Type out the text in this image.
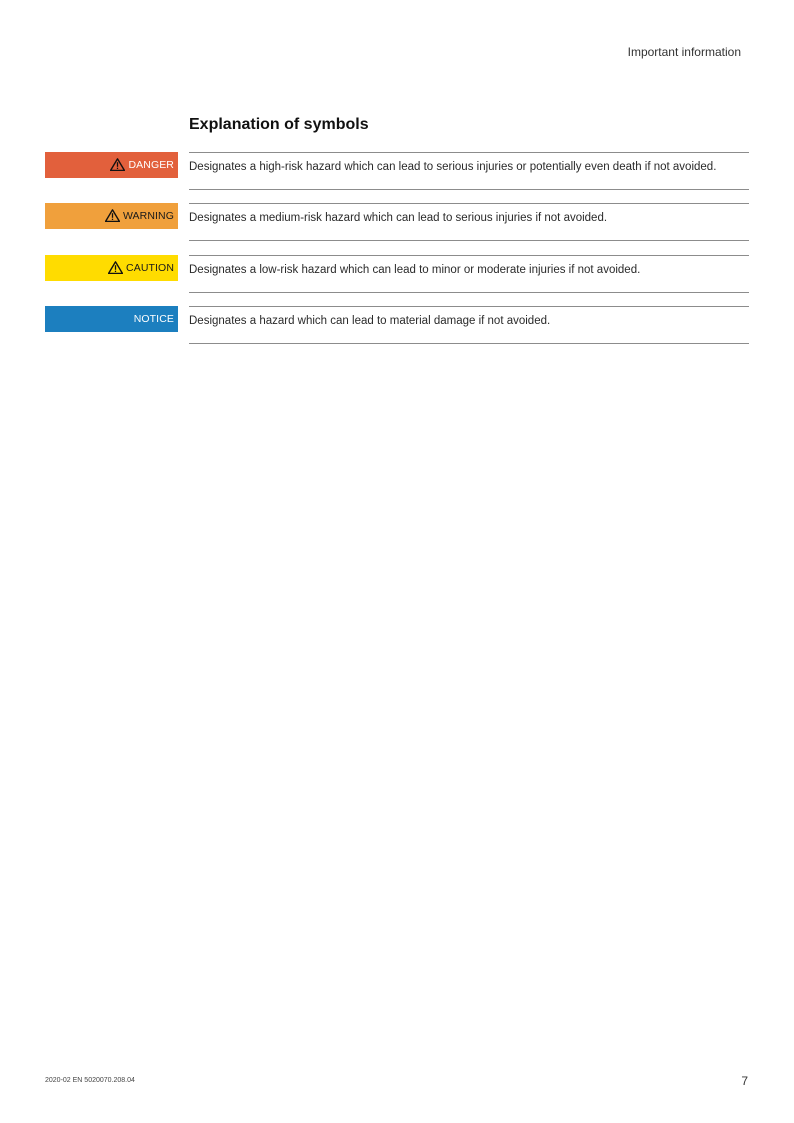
Important information
Explanation of symbols
DANGER Designates a high-risk hazard which can lead to serious injuries or potentially even death if not avoided.
WARNING Designates a medium-risk hazard which can lead to serious injuries if not avoided.
CAUTION Designates a low-risk hazard which can lead to minor or moderate injuries if not avoided.
NOTICE Designates a hazard which can lead to material damage if not avoided.
2020-02 EN 5020070.208.04	7
